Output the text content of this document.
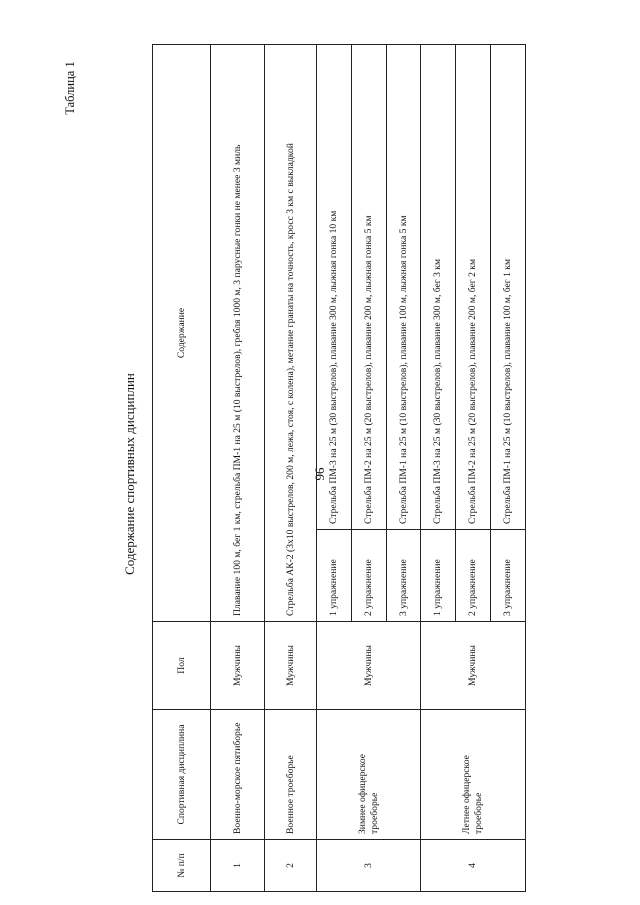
96
Содержание спортивных дисциплин
Таблица 1
№ п/п	Спортивная дисциплина	Пол	Содержание	
1	Военно-морское пятиборье	Мужчины	Плавание 100 м, бег 1 км, стрельба ПМ-1 на 25 м (10 выстрелов), гребля 1000 м, 3 парусные гонки не менее 3 миль	
2	Военное троеборье	Мужчины	Стрельба АК-2 (3х10 выстрелов, 200 м, лежа, стоя, с колена), метание гранаты на точность, кросс 3 км с выкладкой	
3	Зимнее офицерское троеборье	Мужчины	1 упражнение	Стрельба ПМ-3 на 25 м (30 выстрелов), плавание 300 м, лыжная гонка 10 км
			2 упражнение	Стрельба ПМ-2 на 25 м (20 выстрелов), плавание 200 м, лыжная гонка 5 км
			3 упражнение	Стрельба ПМ-1 на 25 м (10 выстрелов), плавание 100 м, лыжная гонка 5 км
4	Летнее офицерское троеборье	Мужчины	1 упражнение	Стрельба ПМ-3 на 25 м (30 выстрелов), плавание 300 м, бег 3 км
			2 упражнение	Стрельба ПМ-2 на 25 м (20 выстрелов), плавание 200 м, бег 2 км
			3 упражнение	Стрельба ПМ-1 на 25 м (10 выстрелов), плавание 100 м, бег 1 км
